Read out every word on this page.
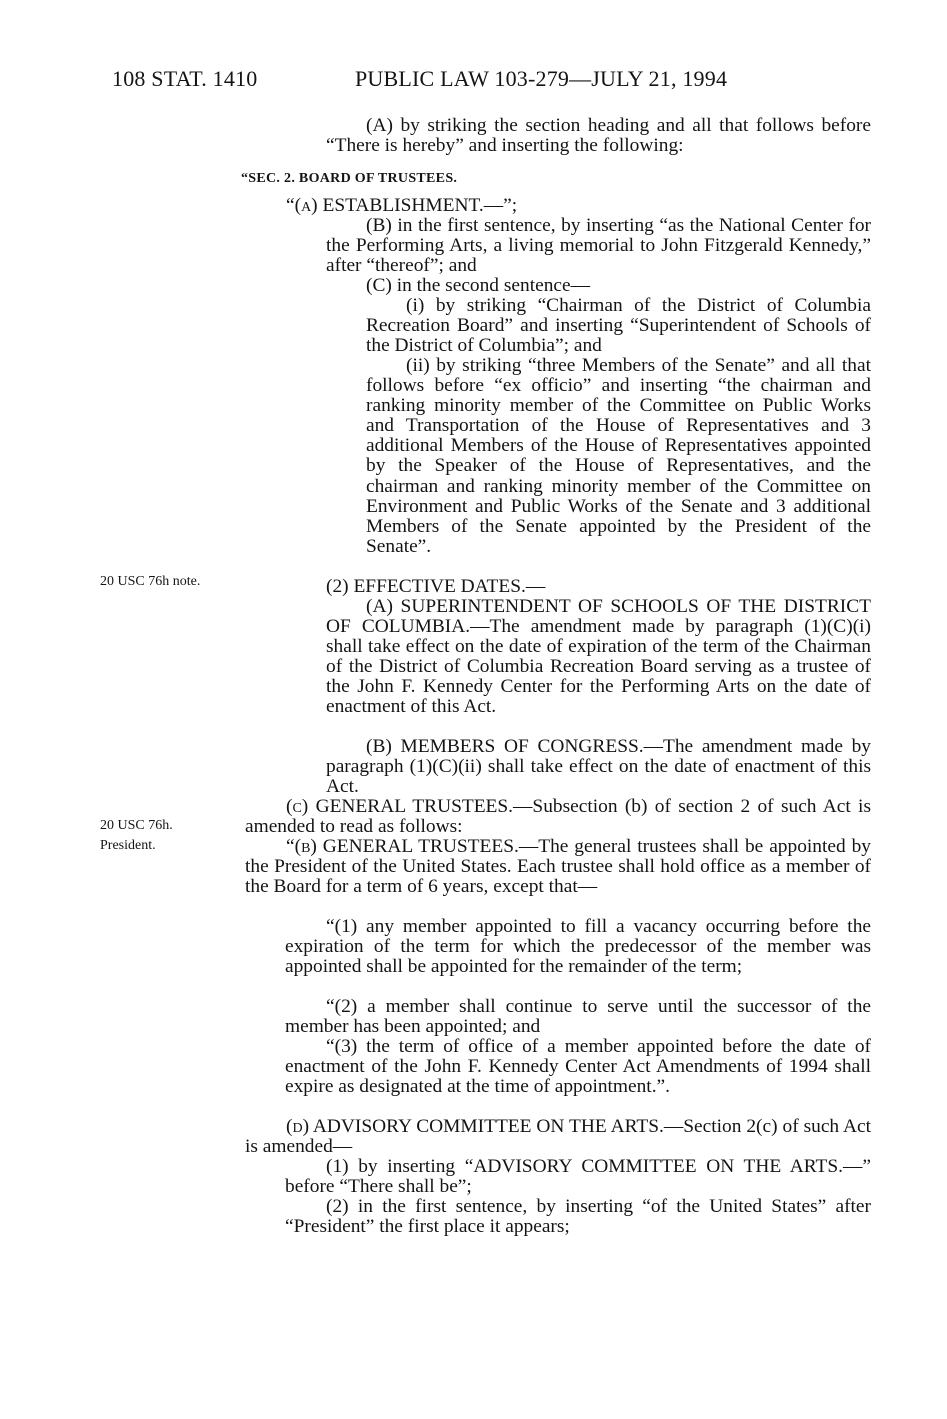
108 STAT. 1410	PUBLIC LAW 103-279—JULY 21, 1994
20 USC 76h note.
20 USC 76h.
President.

(A) by striking the section heading and all that follows before “There is hereby” and inserting the following:

“SEC. 2. BOARD OF TRUSTEES.

“(a) ESTABLISHMENT.—”;

(B) in the first sentence, by inserting “as the National Center for the Performing Arts, a living memorial to John Fitzgerald Kennedy,” after “thereof”; and

(C) in the second sentence—

(i) by striking “Chairman of the District of Columbia Recreation Board” and inserting “Superintendent of Schools of the District of Columbia”; and

(ii) by striking “three Members of the Senate” and all that follows before “ex officio” and inserting “the chairman and ranking minority member of the Committee on Public Works and Transportation of the House of Representatives and 3 additional Members of the House of Representatives appointed by the Speaker of the House of Representatives, and the chairman and ranking minority member of the Committee on Environment and Public Works of the Senate and 3 additional Members of the Senate appointed by the President of the Senate”.

(2) EFFECTIVE DATES.—

(A) SUPERINTENDENT OF SCHOOLS OF THE DISTRICT OF COLUMBIA.—The amendment made by paragraph (1)(C)(i) shall take effect on the date of expiration of the term of the Chairman of the District of Columbia Recreation Board serving as a trustee of the John F. Kennedy Center for the Performing Arts on the date of enactment of this Act.

(B) MEMBERS OF CONGRESS.—The amendment made by paragraph (1)(C)(ii) shall take effect on the date of enactment of this Act.

(c) GENERAL TRUSTEES.—Subsection (b) of section 2 of such Act is amended to read as follows:

“(b) GENERAL TRUSTEES.—The general trustees shall be appointed by the President of the United States. Each trustee shall hold office as a member of the Board for a term of 6 years, except that—

“(1) any member appointed to fill a vacancy occurring before the expiration of the term for which the predecessor of the member was appointed shall be appointed for the remainder of the term;

“(2) a member shall continue to serve until the successor of the member has been appointed; and

“(3) the term of office of a member appointed before the date of enactment of the John F. Kennedy Center Act Amendments of 1994 shall expire as designated at the time of appointment.”.

(d) ADVISORY COMMITTEE ON THE ARTS.—Section 2(c) of such Act is amended—

(1) by inserting “ADVISORY COMMITTEE ON THE ARTS.—” before “There shall be”;

(2) in the first sentence, by inserting “of the United States” after “President” the first place it appears;
